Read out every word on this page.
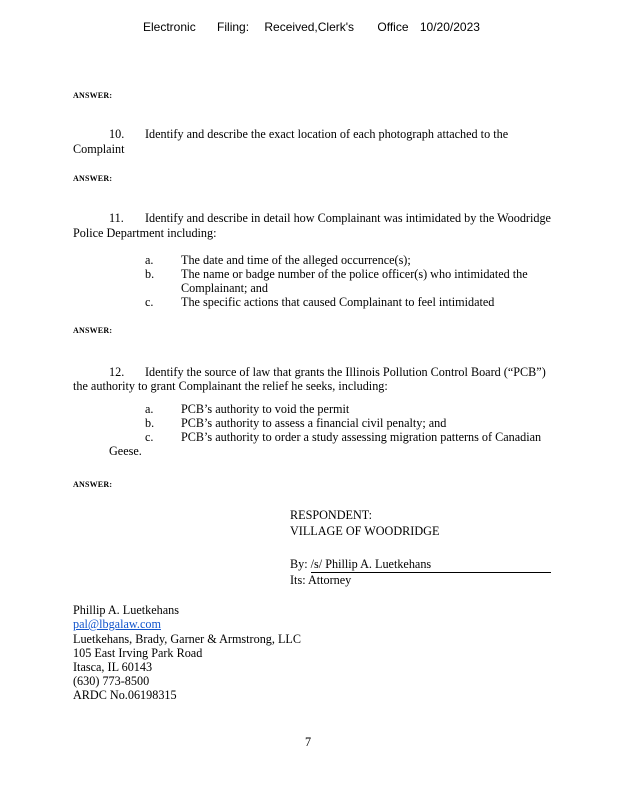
Electronic Filing: Received,Clerk's Office 10/20/2023
ANSWER:
10. Identify and describe the exact location of each photograph attached to the
Complaint
ANSWER:
11. Identify and describe in detail how Complainant was intimidated by the Woodridge
Police Department including:
a. The date and time of the alleged occurrence(s);
b. The name or badge number of the police officer(s) who intimidated the
Complainant; and
c. The specific actions that caused Complainant to feel intimidated
ANSWER:
12. Identify the source of law that grants the Illinois Pollution Control Board (“PCB”)
the authority to grant Complainant the relief he seeks, including:
a. PCB’s authority to void the permit
b. PCB’s authority to assess a financial civil penalty; and
c. PCB’s authority to order a study assessing migration patterns of Canadian
Geese.
ANSWER:
RESPONDENT:
VILLAGE OF WOODRIDGE
By: /s/ Phillip A. Luetkehans
Its: Attorney
Phillip A. Luetkehans
pal@lbgalaw.com
Luetkehans, Brady, Garner & Armstrong, LLC
105 East Irving Park Road
Itasca, IL 60143
(630) 773-8500
ARDC No.06198315
7
